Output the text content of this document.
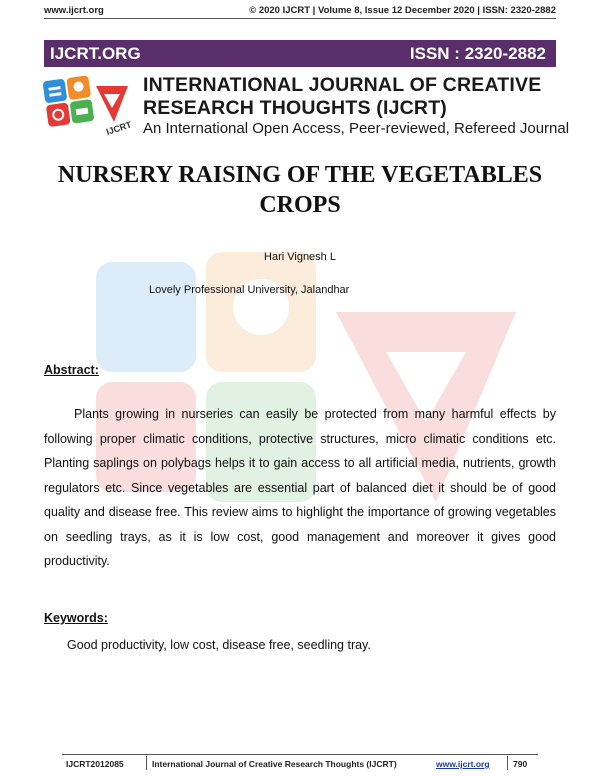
www.ijcrt.org	© 2020 IJCRT | Volume 8, Issue 12 December 2020 | ISSN: 2320-2882
IJCRT.ORG	ISSN : 2320-2882
IJCRT
INTERNATIONAL JOURNAL OF CREATIVE
RESEARCH THOUGHTS (IJCRT)
An International Open Access, Peer-reviewed, Refereed Journal
NURSERY RAISING OF THE VEGETABLES
CROPS
Hari Vignesh L
Lovely Professional University, Jalandhar
Abstract:

Plants growing in nurseries can easily be protected from many harmful effects by following proper climatic conditions, protective structures, micro climatic conditions etc. Planting saplings on polybags helps it to gain access to all artificial media, nutrients, growth regulators etc. Since vegetables are essential part of balanced diet it should be of good quality and disease free. This review aims to highlight the importance of growing vegetables on seedling trays, as it is low cost, good management and moreover it gives good productivity.

Keywords:
Good productivity, low cost, disease free, seedling tray.
IJCRT2012085	International Journal of Creative Research Thoughts (IJCRT)	www.ijcrt.org	790
